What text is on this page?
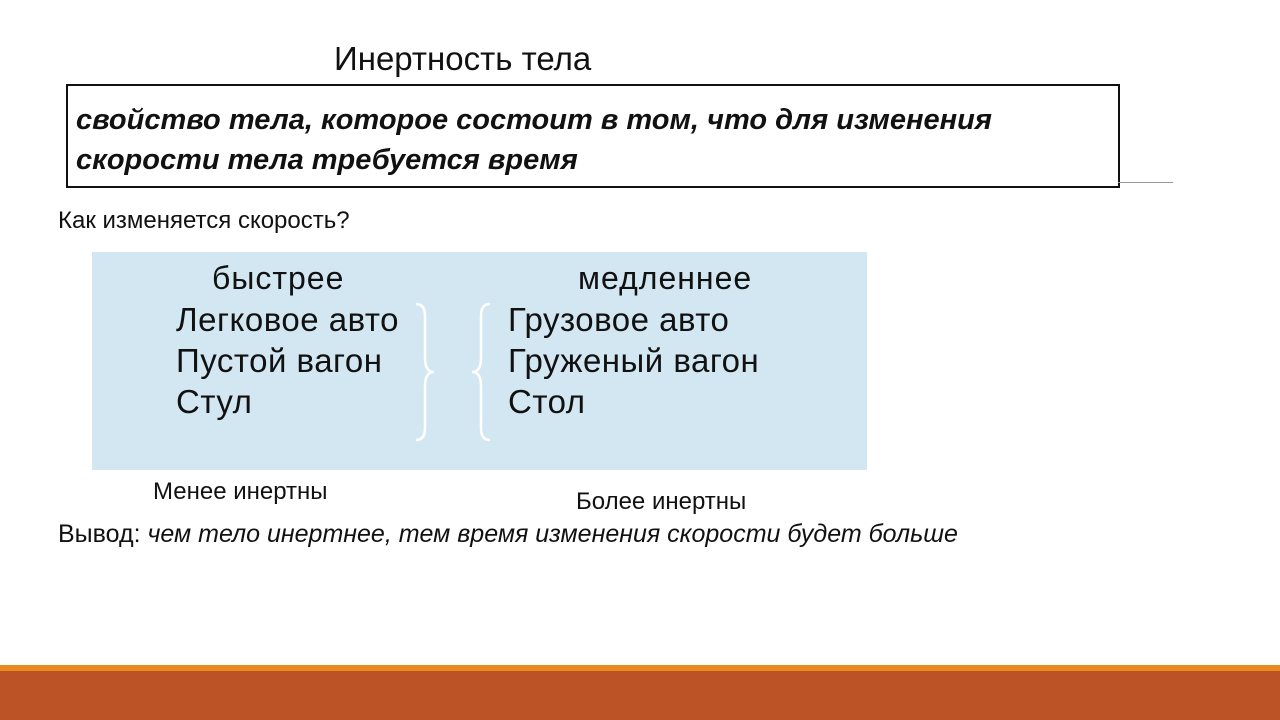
Инертность тела
свойство тела, которое состоит в том, что для изменения скорости тела требуется время
Как изменяется скорость?
быстрее	медленнее
Легковое авто
Пустой вагон
Стул
Грузовое авто
Груженый вагон
Стол
Менее инертны	Более инертны
Вывод: чем тело инертнее, тем время изменения скорости будет больше
